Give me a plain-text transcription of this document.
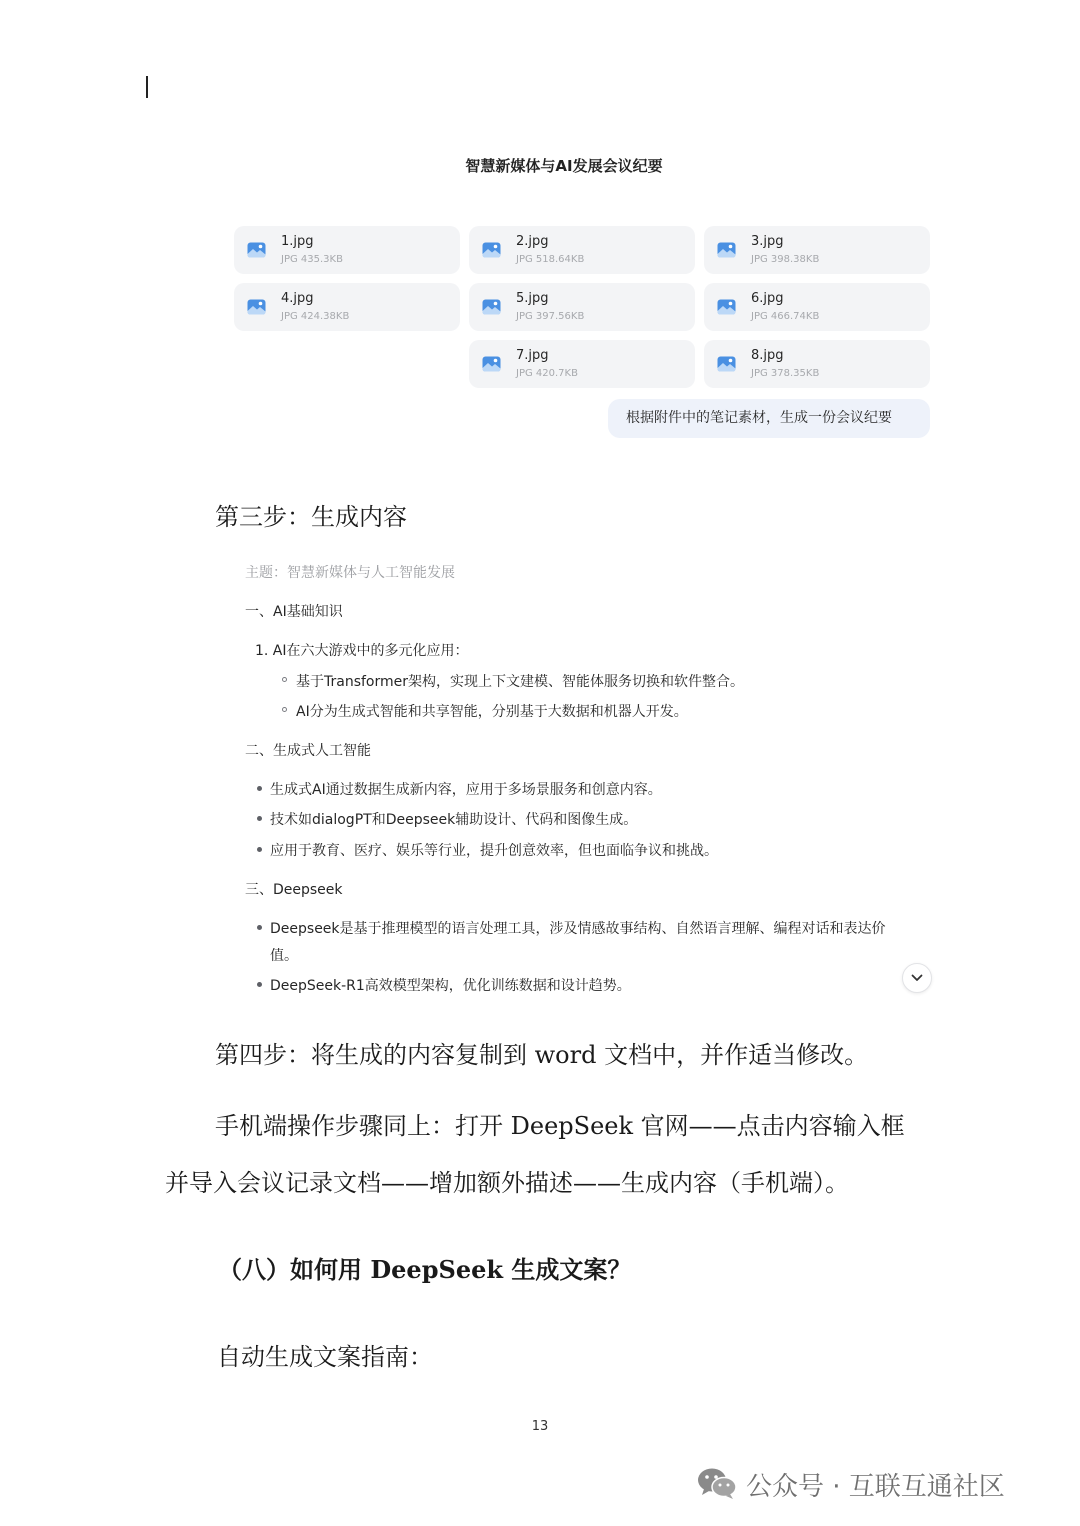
智慧新媒体与AI发展会议纪要
1.jpg
JPG 435.3KB
2.jpg
JPG 518.64KB
3.jpg
JPG 398.38KB
4.jpg
JPG 424.38KB
5.jpg
JPG 397.56KB
6.jpg
JPG 466.74KB
7.jpg
JPG 420.7KB
8.jpg
JPG 378.35KB
根据附件中的笔记素材，生成一份会议纪要
第三步：生成内容
主题：智慧新媒体与人工智能发展
一、AI基础知识
1. AI在六大游戏中的多元化应用：
基于Transformer架构，实现上下文建模、智能体服务切换和软件整合。
AI分为生成式智能和共享智能，分别基于大数据和机器人开发。
二、生成式人工智能
生成式AI通过数据生成新内容，应用于多场景服务和创意内容。
技术如dialogPT和Deepseek辅助设计、代码和图像生成。
应用于教育、医疗、娱乐等行业，提升创意效率，但也面临争议和挑战。
三、Deepseek
Deepseek是基于推理模型的语言处理工具，涉及情感故事结构、自然语言理解、编程对话和表达价
值。
DeepSeek-R1高效模型架构，优化训练数据和设计趋势。
第四步：将生成的内容复制到 word 文档中，并作适当修改。
手机端操作步骤同上：打开 DeepSeek 官网——点击内容输入框
并导入会议记录文档——增加额外描述——生成内容（手机端）。
（八）如何用 DeepSeek 生成文案？
自动生成文案指南：
13
公众号 · 互联互通社区
